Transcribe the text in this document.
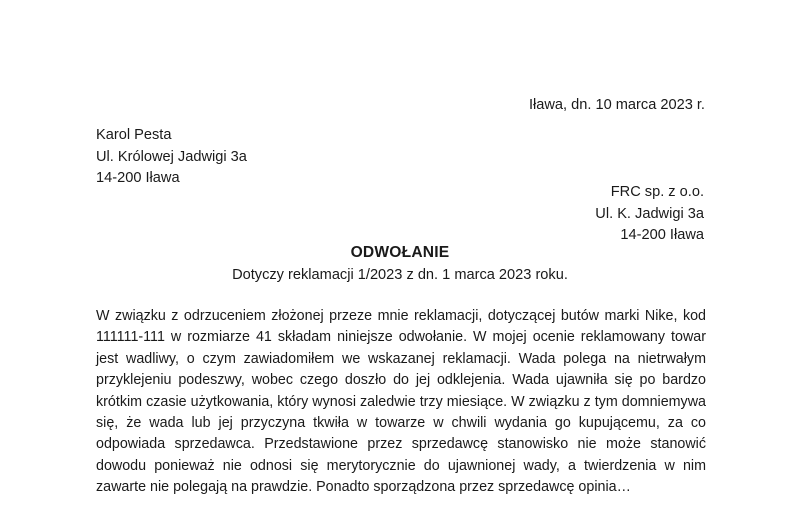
Iława, dn. 10 marca 2023 r.
Karol Pesta
Ul. Królowej Jadwigi 3a
14-200 Iława
FRC sp. z o.o.
Ul. K. Jadwigi 3a
14-200 Iława
ODWOŁANIE
Dotyczy reklamacji 1/2023 z dn. 1 marca 2023 roku.
W związku z odrzuceniem złożonej przeze mnie reklamacji, dotyczącej butów marki Nike, kod 111111-111 w rozmiarze 41 składam niniejsze odwołanie. W mojej ocenie reklamowany towar jest wadliwy, o czym zawiadomiłem we wskazanej reklamacji. Wada polega na nietrwałym przyklejeniu podeszwy, wobec czego doszło do jej odklejenia. Wada ujawniła się po bardzo krótkim czasie użytkowania, który wynosi zaledwie trzy miesiące. W związku z tym domniemywa się, że wada lub jej przyczyna tkwiła w towarze w chwili wydania go kupującemu, za co odpowiada sprzedawca. Przedstawione przez sprzedawcę stanowisko nie może stanowić dowodu ponieważ nie odnosi się merytorycznie do ujawnionej wady, a twierdzenia w nim zawarte nie polegają na prawdzie. Ponadto sporządzona przez sprzedawcę opinia…
